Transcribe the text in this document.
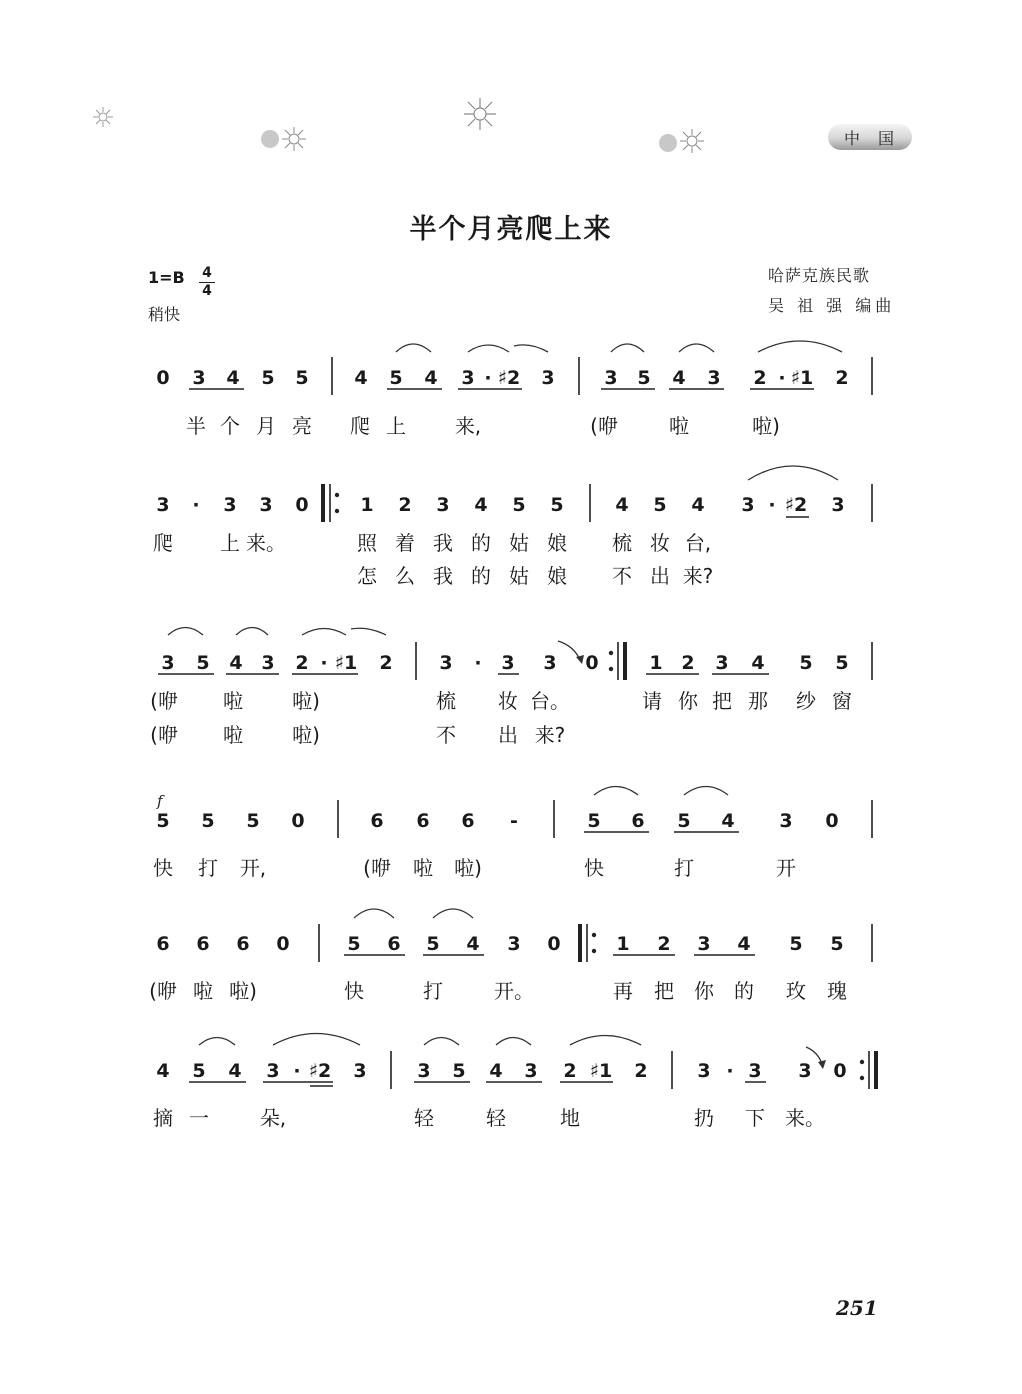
中国
半个月亮爬上来
1=B 4
4
稍快
哈萨克族民歌
吴 祖 强 编曲
0 3 4 5 5 4 5 4 3 · ♯2 3	3 5 4 3 2 · ♯1 2
3 · 3 3 0	1 2 3 4 5 5	4 5 4 3 · ♯2 3
3 5 4 3 2 · ♯1 2 3 · 3 3 0	1 2 3 4 5 5
5 5 5 0	6 6 6 -	5 6 5 4 3 0
6 6 6 0	5 6 5 4 3 0	1 2 3 4 5 5
4 5 4 3 · ♯2 3	3 5 4 3 2 ♯1 2	3 · 3 3 0
半 个 月 亮 爬 上 来,	(咿	啦	啦)
爬 上 来。	照 着 我 的 姑 娘 梳 妆 台,
怎 么 我 的 姑 娘 不 出 来?
(咿 啦 啦)	梳 妆 台。	请 你 把 那 纱 窗
(咿 啦 啦)	不 出 来?
快 打 开,	(咿 啦 啦)	快	打	开
(咿 啦 啦)	快	打	开。	再 把 你 的 玫 瑰
摘 一	朵,	轻	轻	地	扔 下 来。
f
251
